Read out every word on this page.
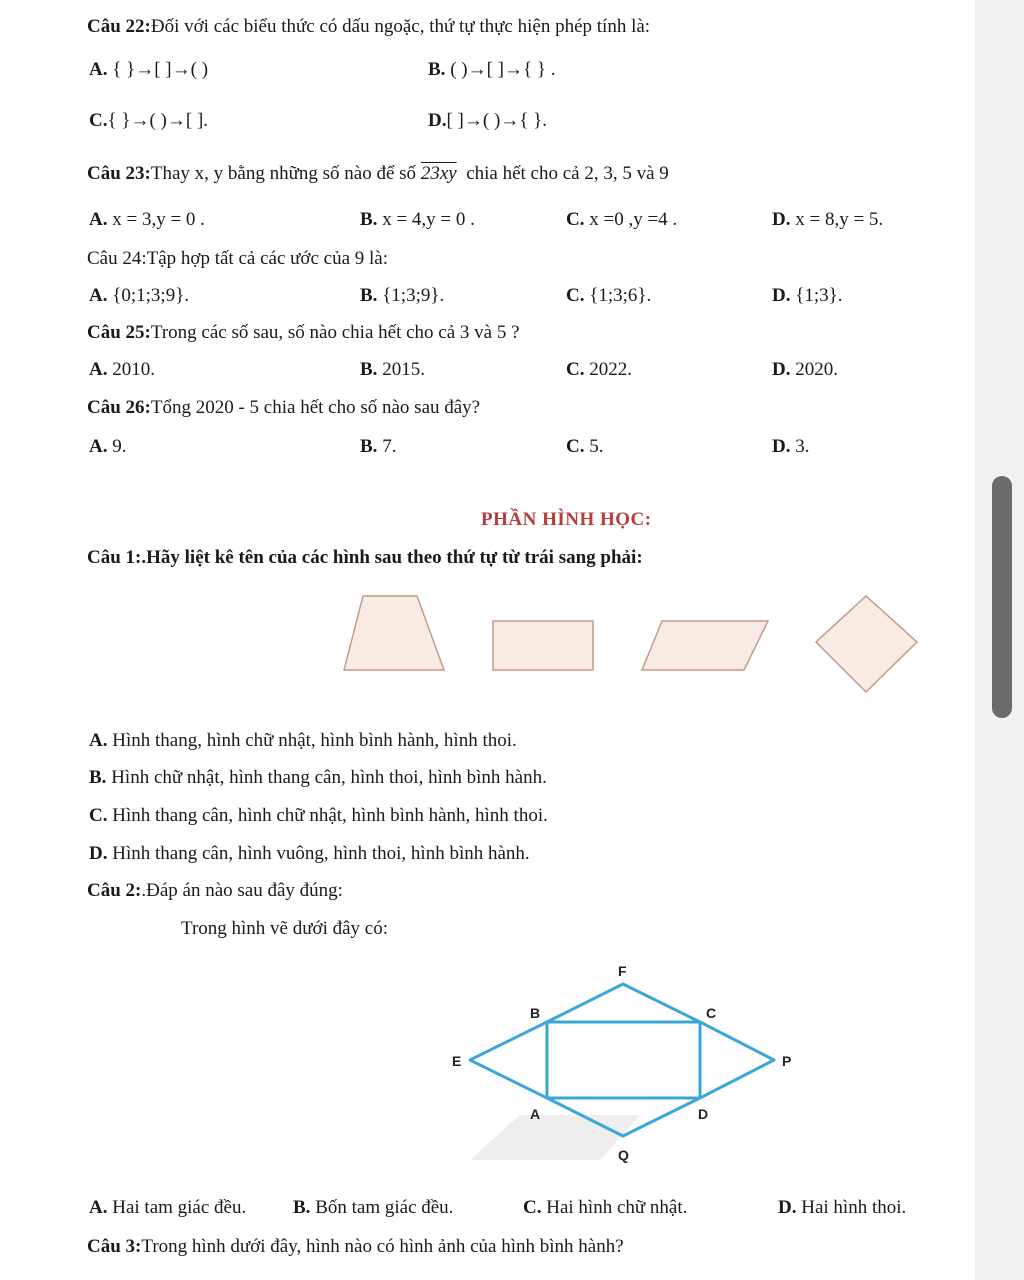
Câu 22:Đối với các biểu thức có dấu ngoặc, thứ tự thực hiện phép tính là:
A. { }→[ ]→( )	B. ( )→[ ]→{ } .
C.{ }→( )→[ ].	D.[ ]→( )→{ }.
Câu 23:Thay x, y bằng những số nào để số 23xy chia hết cho cả 2, 3, 5 và 9
A. x = 3,y = 0 .	B. x = 4,y = 0 .	C. x =0 ,y =4 .	D. x = 8,y = 5.
Câu 24:Tập hợp tất cả các ước của 9 là:
A. {0;1;3;9}.	B. {1;3;9}.	C. {1;3;6}.	D. {1;3}.
Câu 25:Trong các số sau, số nào chia hết cho cả 3 và 5 ?
A. 2010.	B. 2015.	C. 2022.	D. 2020.
Câu 26:Tổng 2020 - 5 chia hết cho số nào sau đây?
A. 9.	B. 7.	C. 5.	D. 3.
PHẦN HÌNH HỌC:
Câu 1:.Hãy liệt kê tên của các hình sau theo thứ tự từ trái sang phải:
A. Hình thang, hình chữ nhật, hình bình hành, hình thoi.
B. Hình chữ nhật, hình thang cân, hình thoi, hình bình hành.
C. Hình thang cân, hình chữ nhật, hình bình hành, hình thoi.
D. Hình thang cân, hình vuông, hình thoi, hình bình hành.
Câu 2:.Đáp án nào sau đây đúng:
Trong hình vẽ dưới đây có:
F
B	C
E	P
A	D
Q
A. Hai tam giác đều. B. Bốn tam giác đều.	C. Hai hình chữ nhật.	D. Hai hình thoi.
Câu 3:Trong hình dưới đây, hình nào có hình ảnh của hình bình hành?
